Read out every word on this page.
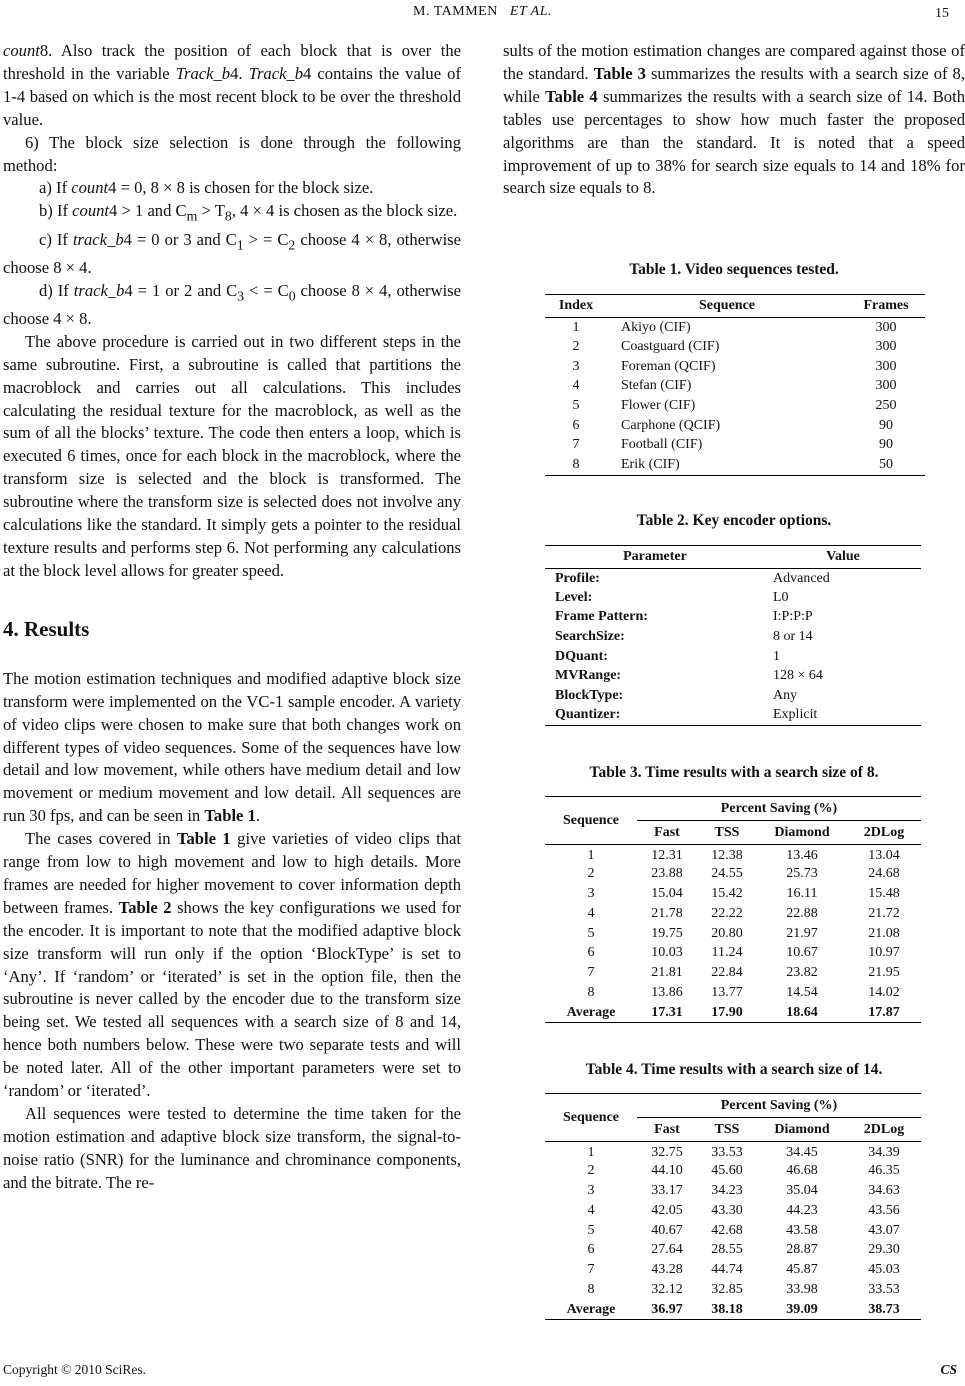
M. TAMMEN ET AL.	15

count8. Also track the position of each block that is over the threshold in the variable Track_b4. Track_b4 contains the value of 1-4 based on which is the most recent block to be over the threshold value.

6) The block size selection is done through the following method:

a) If count4 = 0, 8 × 8 is chosen for the block size.

b) If count4 > 1 and $C_m > T_8$, 4 × 4 is chosen as the block size.

c) If track_b4 = 0 or 3 and $C_1$ > = $C_2$ choose 4 × 8, otherwise choose 8 × 4.

d) If track_b4 = 1 or 2 and $C_3$ < = $C_0$ choose 8 × 4, otherwise choose 4 × 8.

The above procedure is carried out in two different steps in the same subroutine. First, a subroutine is called that partitions the macroblock and carries out all calculations. This includes calculating the residual texture for the macroblock, as well as the sum of all the blocks’ texture. The code then enters a loop, which is executed 6 times, once for each block in the macroblock, where the transform size is selected and the block is transformed. The subroutine where the transform size is selected does not involve any calculations like the standard. It simply gets a pointer to the residual texture results and performs step 6. Not performing any calculations at the block level allows for greater speed.

4. Results

The motion estimation techniques and modified adaptive block size transform were implemented on the VC-1 sample encoder. A variety of video clips were chosen to make sure that both changes work on different types of video sequences. Some of the sequences have low detail and low movement, while others have medium detail and low movement or medium movement and low detail. All sequences are run 30 fps, and can be seen in Table 1.

The cases covered in Table 1 give varieties of video clips that range from low to high movement and low to high details. More frames are needed for higher movement to cover information depth between frames. Table 2 shows the key configurations we used for the encoder. It is important to note that the modified adaptive block size transform will run only if the option ‘BlockType’ is set to ‘Any’. If ‘random’ or ‘iterated’ is set in the option file, then the subroutine is never called by the encoder due to the transform size being set. We tested all sequences with a search size of 8 and 14, hence both numbers below. These were two separate tests and will be noted later. All of the other important parameters were set to ‘random’ or ‘iterated’.

All sequences were tested to determine the time taken for the motion estimation and adaptive block size transform, the signal-to-noise ratio (SNR) for the luminance and chrominance components, and the bitrate. The re-

sults of the motion estimation changes are compared against those of the standard. Table 3 summarizes the results with a search size of 8, while Table 4 summarizes the results with a search size of 14. Both tables use percentages to show how much faster the proposed algorithms are than the standard. It is noted that a speed improvement of up to 38% for search size equals to 14 and 18% for search size equals to 8.

Table 1. Video sequences tested.
Index	Sequence	Frames
1	Akiyo (CIF)	300
2	Coastguard (CIF)	300
3	Foreman (QCIF)	300
4	Stefan (CIF)	300
5	Flower (CIF)	250
6	Carphone (QCIF)	90
7	Football (CIF)	90
8	Erik (CIF)	50
Table 2. Key encoder options.
Parameter	Value
Profile:	Advanced
Level:	L0
Frame Pattern:	I:P:P:P
SearchSize:	8 or 14
DQuant:	1
MVRange:	128 × 64
BlockType:	Any
Quantizer:	Explicit
Table 3. Time results with a search size of 8.
Sequence	Percent Saving (%)			
	Fast	TSS	Diamond	2DLog
1	12.31	12.38	13.46	13.04
2	23.88	24.55	25.73	24.68
3	15.04	15.42	16.11	15.48
4	21.78	22.22	22.88	21.72
5	19.75	20.80	21.97	21.08
6	10.03	11.24	10.67	10.97
7	21.81	22.84	23.82	21.95
8	13.86	13.77	14.54	14.02
Average	17.31	17.90	18.64	17.87
Table 4. Time results with a search size of 14.
Sequence	Percent Saving (%)			
	Fast	TSS	Diamond	2DLog
1	32.75	33.53	34.45	34.39
2	44.10	45.60	46.68	46.35
3	33.17	34.23	35.04	34.63
4	42.05	43.30	44.23	43.56
5	40.67	42.68	43.58	43.07
6	27.64	28.55	28.87	29.30
7	43.28	44.74	45.87	45.03
8	32.12	32.85	33.98	33.53
Average	36.97	38.18	39.09	38.73
Copyright © 2010 SciRes.	CS
